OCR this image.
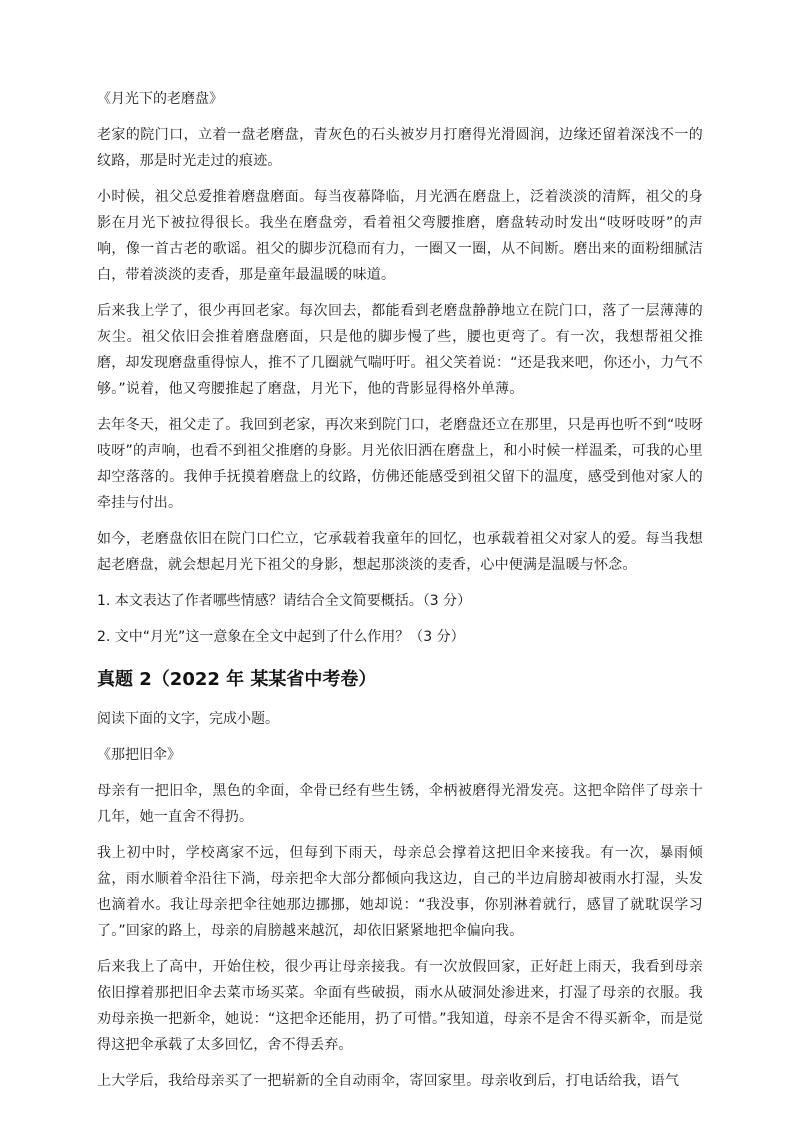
《月光下的老磨盘》

老家的院门口，立着一盘老磨盘，青灰色的石头被岁月打磨得光滑圆润，边缘还留着深浅不一的纹路，那是时光走过的痕迹。

小时候，祖父总爱推着磨盘磨面。每当夜幕降临，月光洒在磨盘上，泛着淡淡的清辉，祖父的身影在月光下被拉得很长。我坐在磨盘旁，看着祖父弯腰推磨，磨盘转动时发出“吱呀吱呀”的声响，像一首古老的歌谣。祖父的脚步沉稳而有力，一圈又一圈，从不间断。磨出来的面粉细腻洁白，带着淡淡的麦香，那是童年最温暖的味道。

后来我上学了，很少再回老家。每次回去，都能看到老磨盘静静地立在院门口，落了一层薄薄的灰尘。祖父依旧会推着磨盘磨面，只是他的脚步慢了些，腰也更弯了。有一次，我想帮祖父推磨，却发现磨盘重得惊人，推不了几圈就气喘吁吁。祖父笑着说：“还是我来吧，你还小，力气不够。”说着，他又弯腰推起了磨盘，月光下，他的背影显得格外单薄。

去年冬天，祖父走了。我回到老家，再次来到院门口，老磨盘还立在那里，只是再也听不到“吱呀吱呀”的声响，也看不到祖父推磨的身影。月光依旧洒在磨盘上，和小时候一样温柔，可我的心里却空落落的。我伸手抚摸着磨盘上的纹路，仿佛还能感受到祖父留下的温度，感受到他对家人的牵挂与付出。

如今，老磨盘依旧在院门口伫立，它承载着我童年的回忆，也承载着祖父对家人的爱。每当我想起老磨盘，就会想起月光下祖父的身影，想起那淡淡的麦香，心中便满是温暖与怀念。

1. 本文表达了作者哪些情感？请结合全文简要概括。（3 分）
2. 文中“月光”这一意象在全文中起到了什么作用？（3 分）
真题 2（2022 年 某某省中考卷）
阅读下面的文字，完成小题。
《那把旧伞》

母亲有一把旧伞，黑色的伞面，伞骨已经有些生锈，伞柄被磨得光滑发亮。这把伞陪伴了母亲十几年，她一直舍不得扔。

我上初中时，学校离家不远，但每到下雨天，母亲总会撑着这把旧伞来接我。有一次，暴雨倾盆，雨水顺着伞沿往下淌，母亲把伞大部分都倾向我这边，自己的半边肩膀却被雨水打湿，头发也滴着水。我让母亲把伞往她那边挪挪，她却说：“我没事，你别淋着就行，感冒了就耽误学习了。”回家的路上，母亲的肩膀越来越沉，却依旧紧紧地把伞偏向我。

后来我上了高中，开始住校，很少再让母亲接我。有一次放假回家，正好赶上雨天，我看到母亲依旧撑着那把旧伞去菜市场买菜。伞面有些破损，雨水从破洞处渗进来，打湿了母亲的衣服。我劝母亲换一把新伞，她说：“这把伞还能用，扔了可惜。”我知道，母亲不是舍不得买新伞，而是觉得这把伞承载了太多回忆，舍不得丢弃。

上大学后，我给母亲买了一把崭新的全自动雨伞，寄回家里。母亲收到后，打电话给我，语气
